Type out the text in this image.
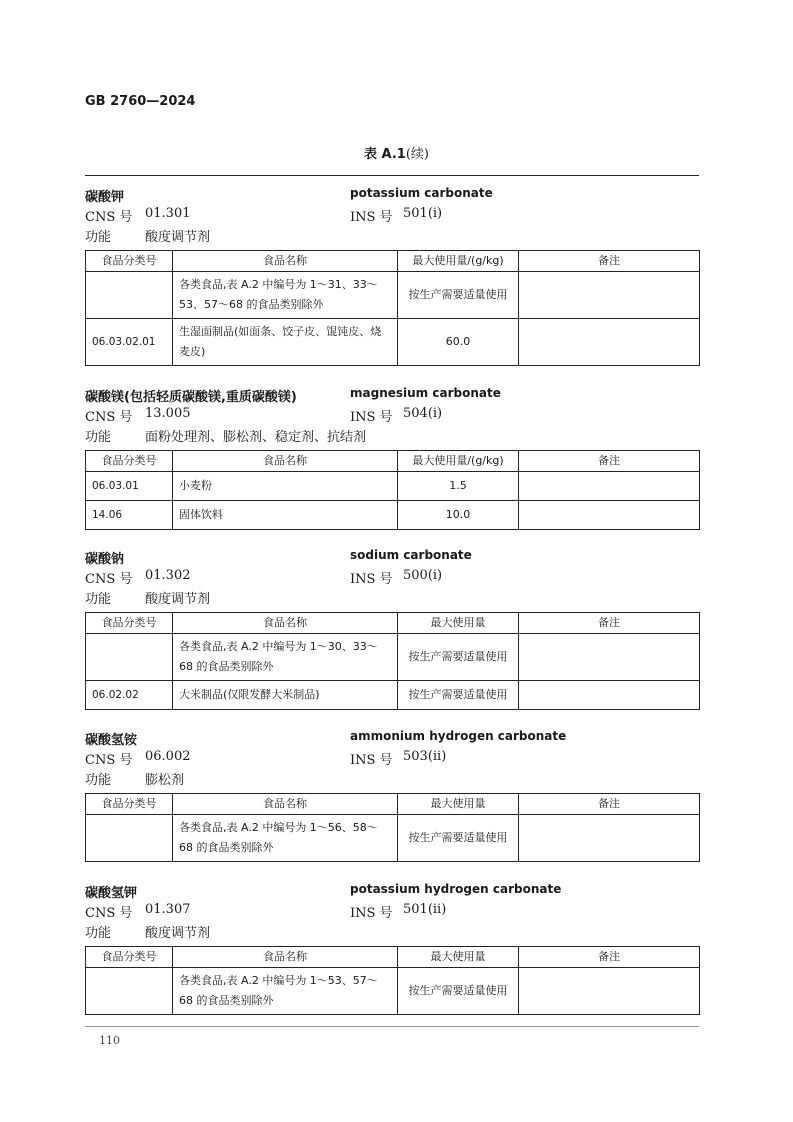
GB 2760—2024
表 A.1(续)
碳酸钾	potassium carbonate
CNS 号 01.301	INS 号 501(i)
功能	酸度调节剂
食品分类号	食品名称	最大使用量/(g/kg)	备注
	各类食品,表 A.2 中编号为 1～31、33～53、57～68 的食品类别除外	按生产需要适量使用	
06.03.02.01	生湿面制品(如面条、饺子皮、馄饨皮、烧麦皮)	60.0	
碳酸镁(包括轻质碳酸镁,重质碳酸镁)	magnesium carbonate
CNS 号 13.005	INS 号 504(i)
功能	面粉处理剂、膨松剂、稳定剂、抗结剂
食品分类号	食品名称	最大使用量/(g/kg)	备注
06.03.01	小麦粉	1.5	
14.06	固体饮料	10.0	
碳酸钠	sodium carbonate
CNS 号 01.302	INS 号 500(i)
功能	酸度调节剂
食品分类号	食品名称	最大使用量	备注
	各类食品,表 A.2 中编号为 1～30、33～68 的食品类别除外	按生产需要适量使用	
06.02.02	大米制品(仅限发酵大米制品)	按生产需要适量使用	
碳酸氢铵	ammonium hydrogen carbonate
CNS 号 06.002	INS 号 503(ii)
功能	膨松剂
食品分类号	食品名称	最大使用量	备注
	各类食品,表 A.2 中编号为 1～56、58～68 的食品类别除外	按生产需要适量使用	
碳酸氢钾	potassium hydrogen carbonate
CNS 号 01.307	INS 号 501(ii)
功能	酸度调节剂
食品分类号	食品名称	最大使用量	备注
	各类食品,表 A.2 中编号为 1～53、57～68 的食品类别除外	按生产需要适量使用	
110
